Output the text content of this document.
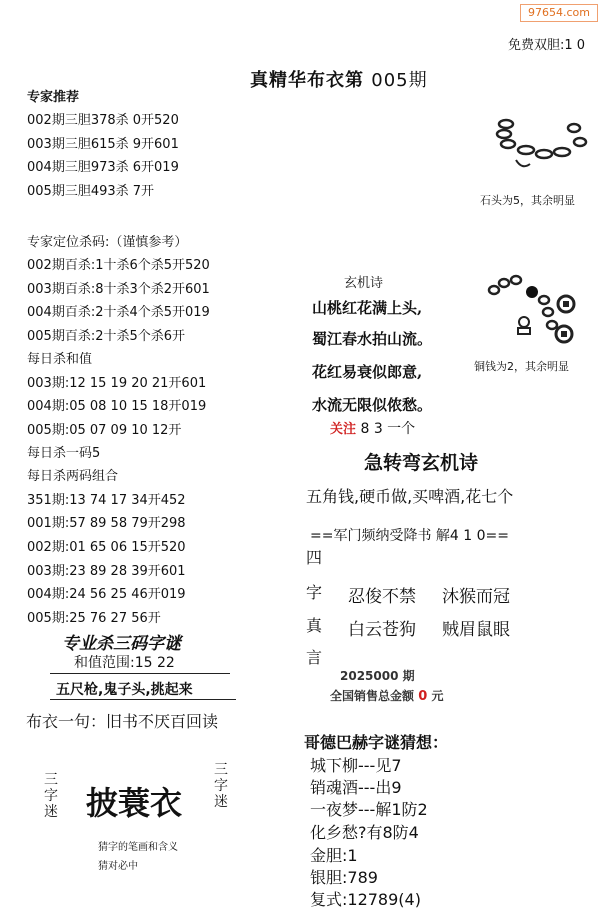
97654.com
免费双胆:1 0
真精华布衣第 005期
专家推荐
002期三胆378杀 0开520
003期三胆615杀 9开601
004期三胆973杀 6开019
005期三胆493杀 7开
专家定位杀码:（谨慎参考）
002期百杀:1十杀6个杀5开520
003期百杀:8十杀3个杀2开601
004期百杀:2十杀4个杀5开019
005期百杀:2十杀5个杀6开
每日杀和值
003期:12 15 19 20 21开601
004期:05 08 10 15 18开019
005期:05 07 09 10 12开
每日杀一码5
每日杀两码组合
351期:13 74 17 34开452
001期:57 89 58 79开298
002期:01 65 06 15开520
003期:23 89 28 39开601
004期:24 56 25 46开019
005期:25 76 27 56开
专业杀三码字谜
和值范围:15 22
五尺枪,鬼子头,挑起来
布衣一句：旧书不厌百回读
三字迷 披蓑衣
三字迷
猜字的笔画和含义
猜对必中
石头为5，其余明显
铜钱为2，其余明显
玄机诗
山桃红花满上头,
蜀江春水拍山流。
花红易衰似郎意,
水流无限似侬愁。
关注 8 3 一个
急转弯玄机诗
五角钱,硬币做,买啤酒,花七个
==军门频纳受降书 解4 1 0==
四
字
真
言
忍俊不禁 沐猴而冠
白云苍狗 贼眉鼠眼
2025000 期
全国销售总金额 0 元
哥德巴赫字谜猜想：
城下柳---见7
销魂酒---出9
一夜梦---解1防2
化乡愁?有8防4
金胆:1
银胆:789
复式:12789(4)
